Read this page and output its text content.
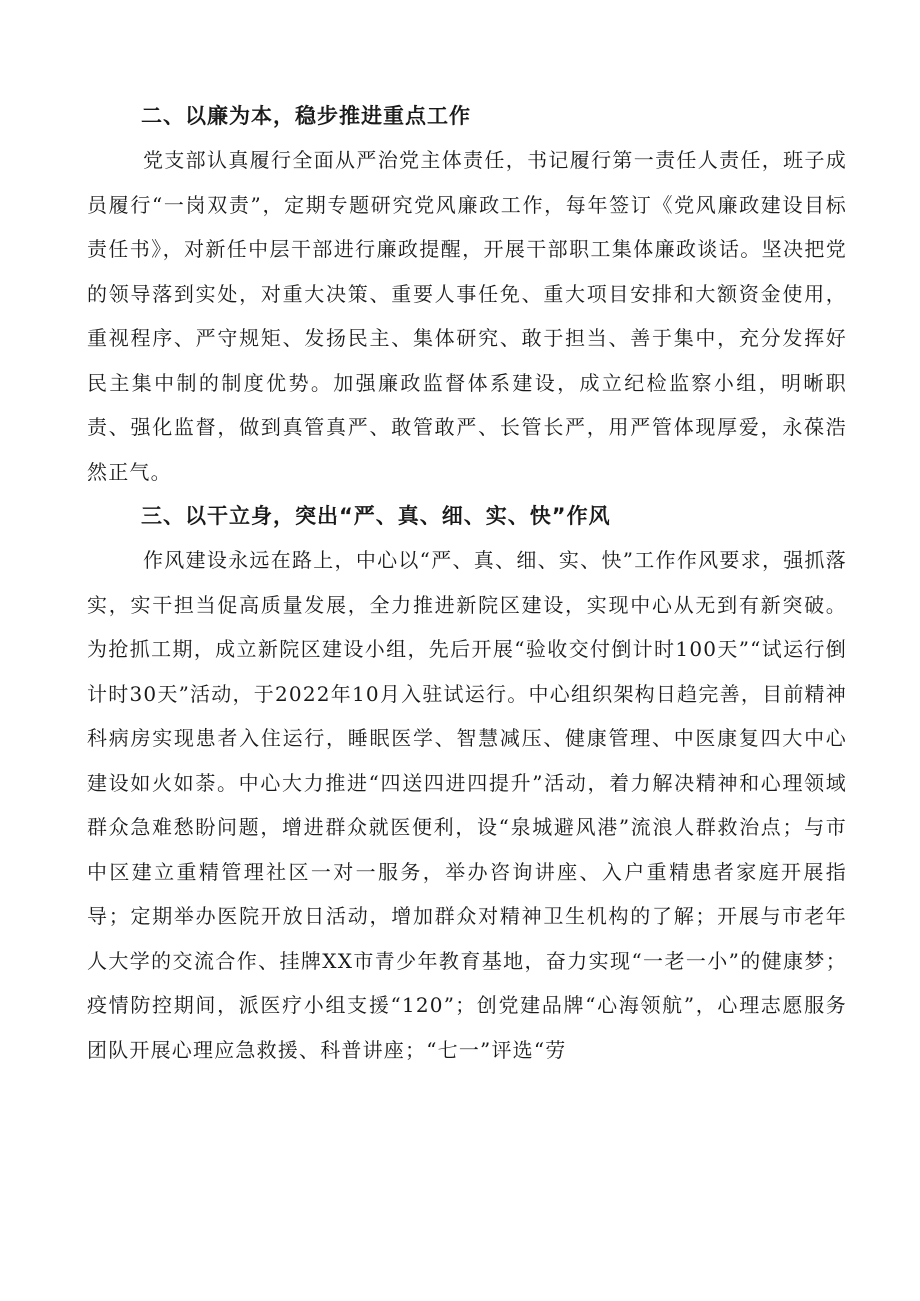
二、以廉为本，稳步推进重点工作

党支部认真履行全面从严治党主体责任，书记履行第一责任人责任，班子成员履行“一岗双责”，定期专题研究党风廉政工作，每年签订《党风廉政建设目标责任书》，对新任中层干部进行廉政提醒，开展干部职工集体廉政谈话。坚决把党的领导落到实处，对重大决策、重要人事任免、重大项目安排和大额资金使用，重视程序、严守规矩、发扬民主、集体研究、敢于担当、善于集中，充分发挥好民主集中制的制度优势。加强廉政监督体系建设，成立纪检监察小组，明晰职责、强化监督，做到真管真严、敢管敢严、长管长严，用严管体现厚爱，永葆浩然正气。

三、以干立身，突出“严、真、细、实、快”作风

作风建设永远在路上，中心以“严、真、细、实、快”工作作风要求，强抓落实，实干担当促高质量发展，全力推进新院区建设，实现中心从无到有新突破。为抢抓工期，成立新院区建设小组，先后开展“验收交付倒计时100天”“试运行倒计时30天”活动，于2022年10月入驻试运行。中心组织架构日趋完善，目前精神科病房实现患者入住运行，睡眠医学、智慧减压、健康管理、中医康复四大中心建设如火如荼。中心大力推进“四送四进四提升”活动，着力解决精神和心理领域群众急难愁盼问题，增进群众就医便利，设“泉城避风港”流浪人群救治点；与市中区建立重精管理社区一对一服务，举办咨询讲座、入户重精患者家庭开展指导；定期举办医院开放日活动，增加群众对精神卫生机构的了解；开展与市老年人大学的交流合作、挂牌XX市青少年教育基地，奋力实现“一老一小”的健康梦；疫情防控期间，派医疗小组支援“120”；创党建品牌“心海领航”，心理志愿服务团队开展心理应急救援、科普讲座；“七一”评选“劳
